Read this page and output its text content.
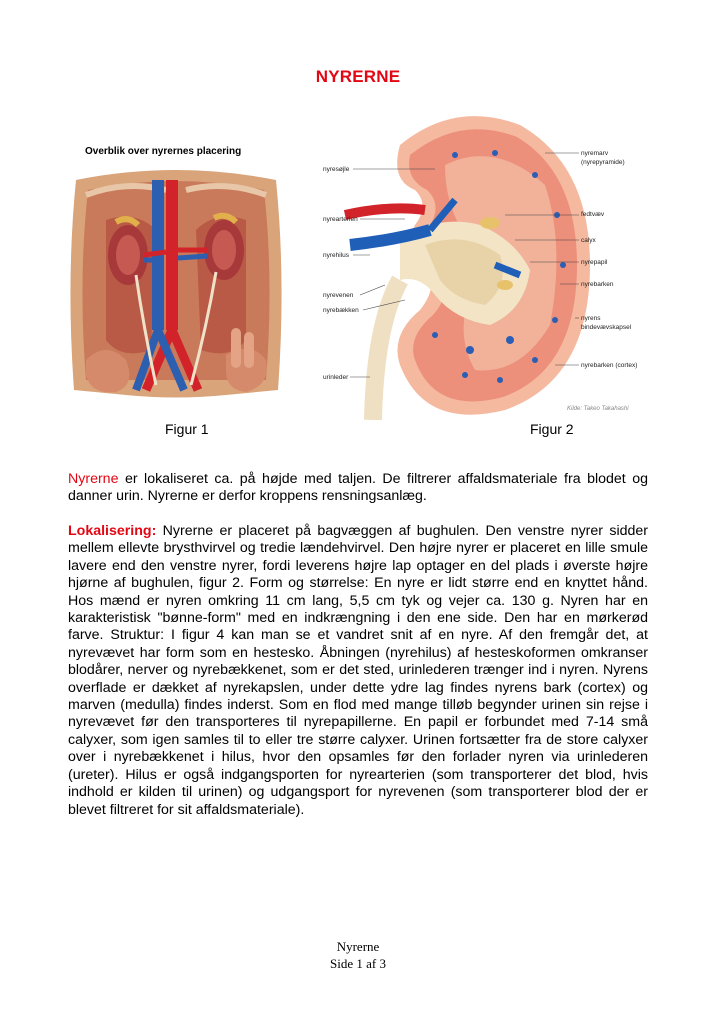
NYRERNE
Overblik over nyrernes placering
nyresøjle
nyrearterien
nyrehilus
nyrevenen
nyrebækken
urinleder
nyremarv
(nyrepyramide)
fedtvæv
calyx
nyrepapil
nyrebarken
nyrens
bindevævskapsel
nyrebarken (cortex)
Kilde: Takeo Takahashi
Figur 1	Figur 2
Nyrerne er lokaliseret ca. på højde med taljen. De filtrerer affaldsmateriale fra blodet og danner urin. Nyrerne er derfor kroppens rensningsanlæg.
Lokalisering: Nyrerne er placeret på bagvæggen af bughulen. Den venstre nyrer sidder mellem ellevte brysthvirvel og tredie lændehvirvel. Den højre nyrer er placeret en lille smule lavere end den venstre nyrer, fordi leverens højre lap optager en del plads i øverste højre hjørne af bughulen, figur 2. Form og størrelse: En nyre er lidt større end en knyttet hånd. Hos mænd er nyren omkring 11 cm lang, 5,5 cm tyk og vejer ca. 130 g. Nyren har en karakteristisk "bønne-form" med en indkrængning i den ene side. Den har en mørkerød farve. Struktur: I figur 4 kan man se et vandret snit af en nyre. Af den fremgår det, at nyrevævet har form som en hestesko. Åbningen (nyrehilus) af hesteskoformen omkranser blodårer, nerver og nyrebækkenet, som er det sted, urinlederen trænger ind i nyren. Nyrens overflade er dækket af nyrekapslen, under dette ydre lag findes nyrens bark (cortex) og marven (medulla) findes inderst. Som en flod med mange tilløb begynder urinen sin rejse i nyrevævet før den transporteres til nyrepapillerne. En papil er forbundet med 7-14 små calyxer, som igen samles til to eller tre større calyxer. Urinen fortsætter fra de store calyxer over i nyrebækkenet i hilus, hvor den opsamles før den forlader nyren via urinlederen (ureter). Hilus er også indgangsporten for nyrearterien (som transporterer det blod, hvis indhold er kilden til urinen) og udgangsport for nyrevenen (som transporterer blod der er blevet filtreret for sit affaldsmateriale).
Nyrerne
Side 1 af 3
